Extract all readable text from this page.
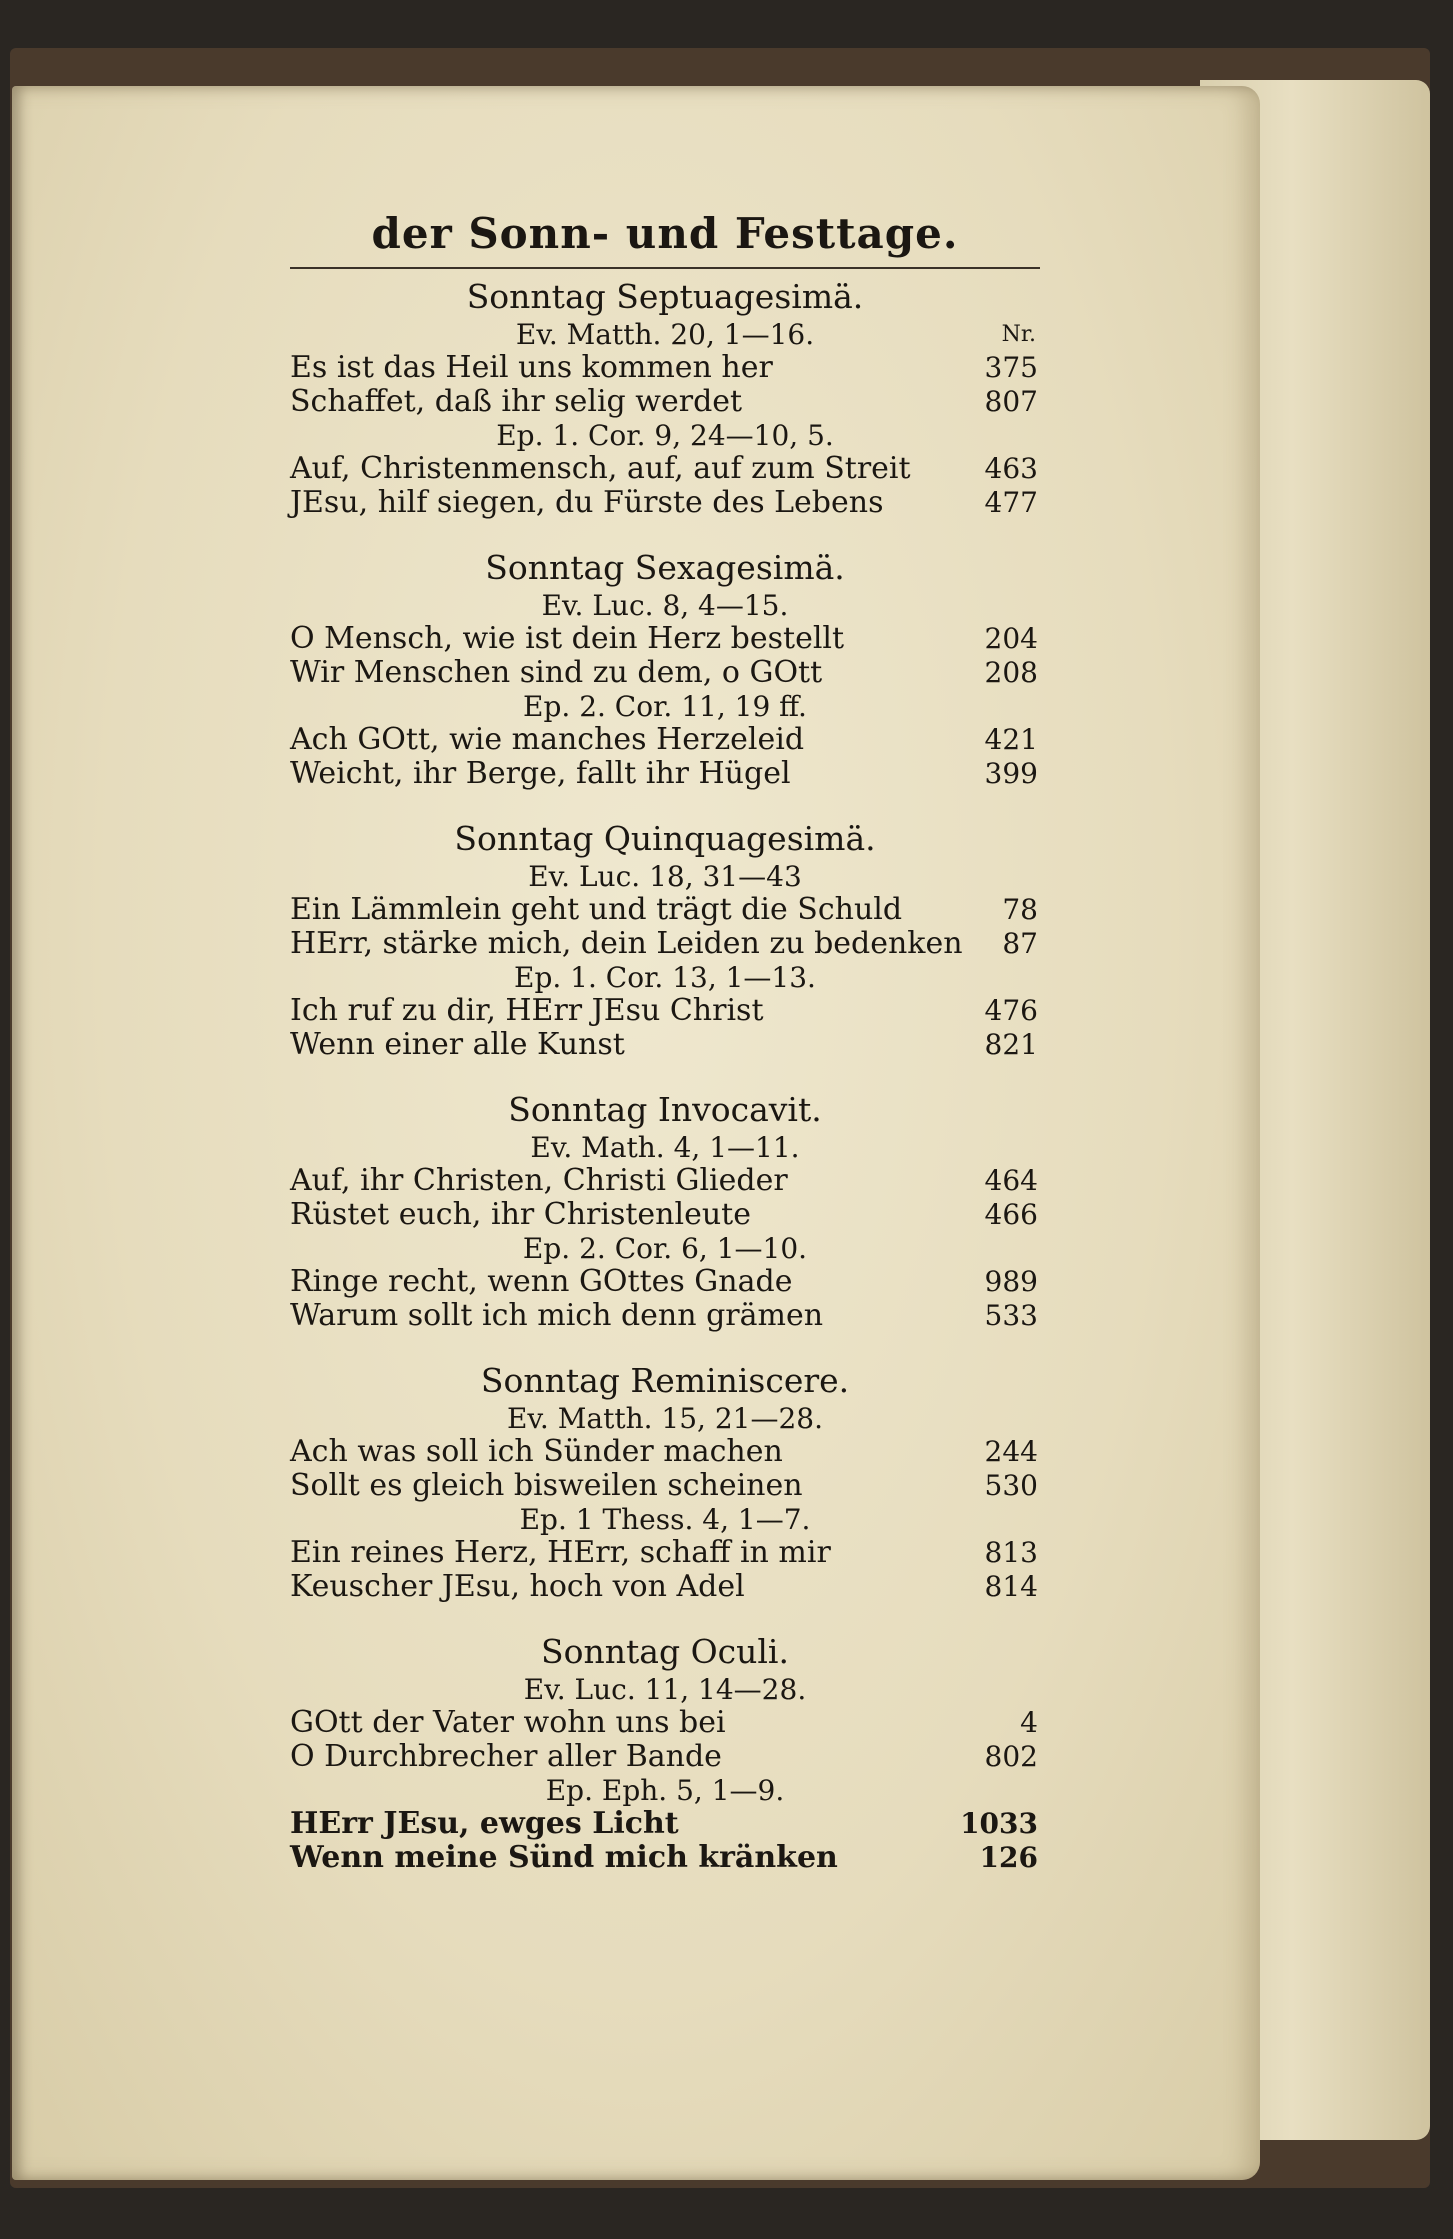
der Sonn- und Festtage.
Sonntag Septuagesimä.
Ev. Matth. 20, 1—16.	Nr.
Es ist das Heil uns kommen her	375
Schaffet, daß ihr selig werdet	807
Ep. 1. Cor. 9, 24—10, 5.
Auf, Christenmensch, auf, auf zum Streit	463
JEsu, hilf siegen, du Fürste des Lebens	477
Sonntag Sexagesimä.
Ev. Luc. 8, 4—15.
O Mensch, wie ist dein Herz bestellt	204
Wir Menschen sind zu dem, o GOtt	208
Ep. 2. Cor. 11, 19 ff.
Ach GOtt, wie manches Herzeleid	421
Weicht, ihr Berge, fallt ihr Hügel	399
Sonntag Quinquagesimä.
Ev. Luc. 18, 31—43
Ein Lämmlein geht und trägt die Schuld	78
HErr, stärke mich, dein Leiden zu bedenken	87
Ep. 1. Cor. 13, 1—13.
Ich ruf zu dir, HErr JEsu Christ	476
Wenn einer alle Kunst	821
Sonntag Invocavit.
Ev. Math. 4, 1—11.
Auf, ihr Christen, Christi Glieder	464
Rüstet euch, ihr Christenleute	466
Ep. 2. Cor. 6, 1—10.
Ringe recht, wenn GOttes Gnade	989
Warum sollt ich mich denn grämen	533
Sonntag Reminiscere.
Ev. Matth. 15, 21—28.
Ach was soll ich Sünder machen	244
Sollt es gleich bisweilen scheinen	530
Ep. 1 Thess. 4, 1—7.
Ein reines Herz, HErr, schaff in mir	813
Keuscher JEsu, hoch von Adel	814
Sonntag Oculi.
Ev. Luc. 11, 14—28.
GOtt der Vater wohn uns bei	4
O Durchbrecher aller Bande	802
Ep. Eph. 5, 1—9.
HErr JEsu, ewges Licht	1033
Wenn meine Sünd mich kränken	126
